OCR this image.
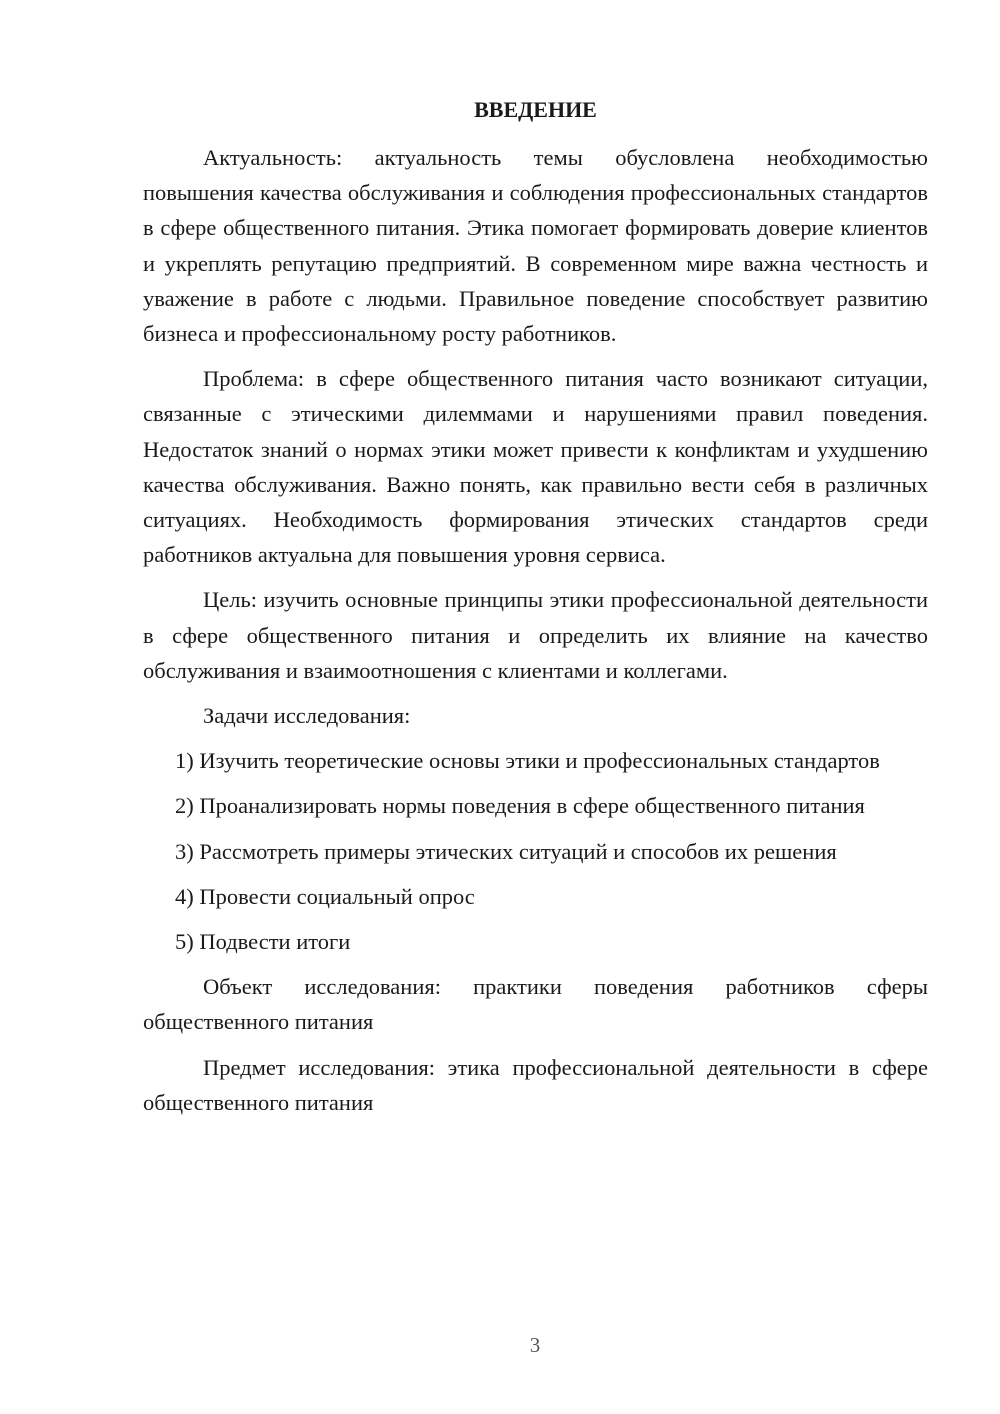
ВВЕДЕНИЕ

Актуальность: актуальность темы обусловлена необходимостью повышения качества обслуживания и соблюдения профессиональных стандартов в сфере общественного питания. Этика помогает формировать доверие клиентов и укреплять репутацию предприятий. В современном мире важна честность и уважение в работе с людьми. Правильное поведение способствует развитию бизнеса и профессиональному росту работников.

Проблема: в сфере общественного питания часто возникают ситуации, связанные с этическими дилеммами и нарушениями правил поведения. Недостаток знаний о нормах этики может привести к конфликтам и ухудшению качества обслуживания. Важно понять, как правильно вести себя в различных ситуациях. Необходимость формирования этических стандартов среди работников актуальна для повышения уровня сервиса.

Цель: изучить основные принципы этики профессиональной деятельности в сфере общественного питания и определить их влияние на качество обслуживания и взаимоотношения с клиентами и коллегами.

Задачи исследования:

1) Изучить теоретические основы этики и профессиональных стандартов

2) Проанализировать нормы поведения в сфере общественного питания

3) Рассмотреть примеры этических ситуаций и способов их решения

4) Провести социальный опрос

5) Подвести итоги

Объект исследования: практики поведения работников сферы общественного питания

Предмет исследования: этика профессиональной деятельности в сфере общественного питания

3
